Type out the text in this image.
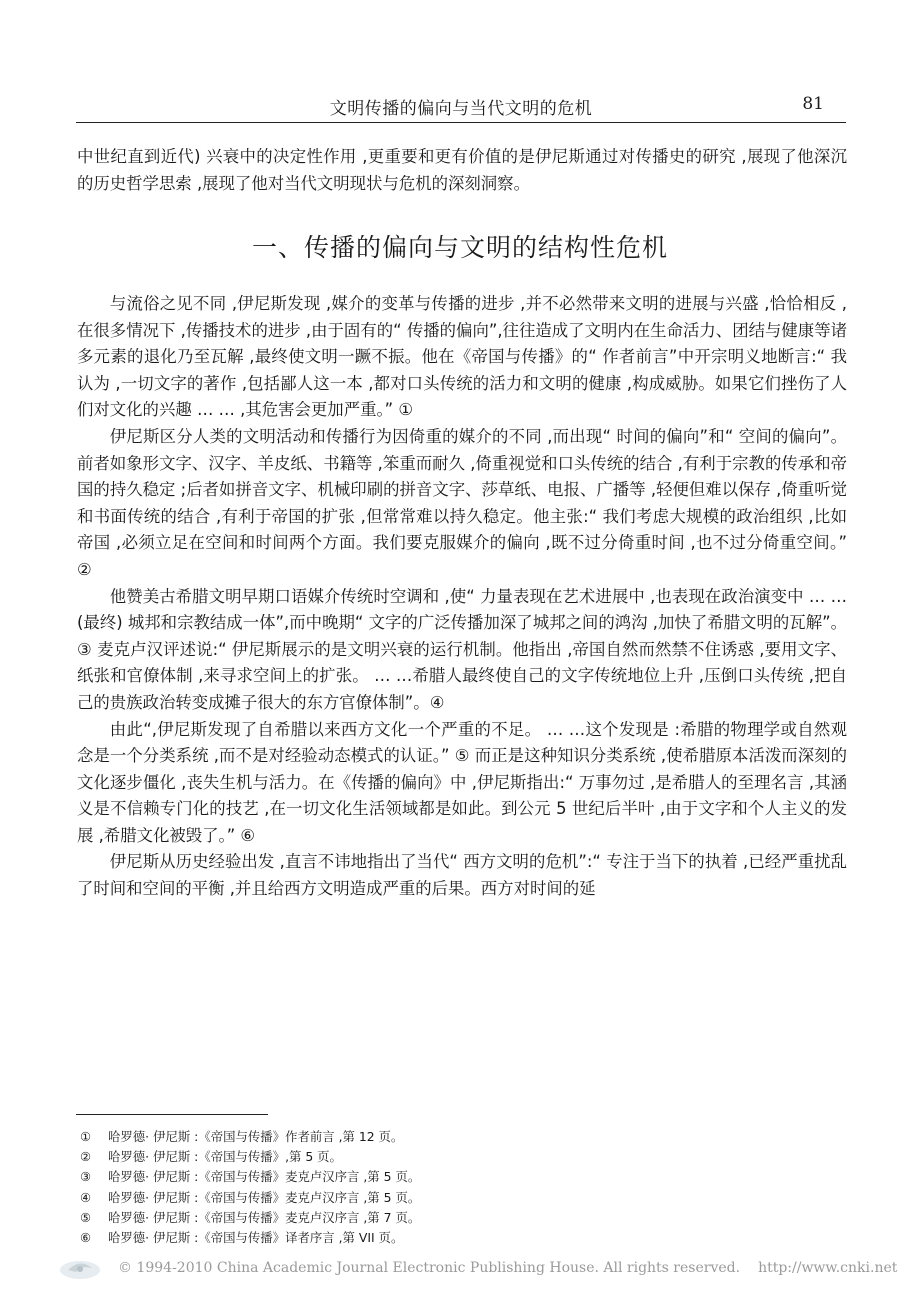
文明传播的偏向与当代文明的危机	81

中世纪直到近代) 兴衰中的决定性作用 ,更重要和更有价值的是伊尼斯通过对传播史的研究 ,展现了他深沉的历史哲学思索 ,展现了他对当代文明现状与危机的深刻洞察。

一、传播的偏向与文明的结构性危机

与流俗之见不同 ,伊尼斯发现 ,媒介的变革与传播的进步 ,并不必然带来文明的进展与兴盛 ,恰恰相反 ,在很多情况下 ,传播技术的进步 ,由于固有的“ 传播的偏向”,往往造成了文明内在生命活力、团结与健康等诸多元素的退化乃至瓦解 ,最终使文明一蹶不振。他在《帝国与传播》的“ 作者前言”中开宗明义地断言:“ 我认为 ,一切文字的著作 ,包括鄙人这一本 ,都对口头传统的活力和文明的健康 ,构成威胁。如果它们挫伤了人们对文化的兴趣 … … ,其危害会更加严重。” ①

伊尼斯区分人类的文明活动和传播行为因倚重的媒介的不同 ,而出现“ 时间的偏向”和“ 空间的偏向”。前者如象形文字、汉字、羊皮纸、书籍等 ,笨重而耐久 ,倚重视觉和口头传统的结合 ,有利于宗教的传承和帝国的持久稳定 ;后者如拼音文字、机械印刷的拼音文字、莎草纸、电报、广播等 ,轻便但难以保存 ,倚重听觉和书面传统的结合 ,有利于帝国的扩张 ,但常常难以持久稳定。他主张:“ 我们考虑大规模的政治组织 ,比如帝国 ,必须立足在空间和时间两个方面。我们要克服媒介的偏向 ,既不过分倚重时间 ,也不过分倚重空间。” ②

他赞美古希腊文明早期口语媒介传统时空调和 ,使“ 力量表现在艺术进展中 ,也表现在政治演变中 … …(最终) 城邦和宗教结成一体”,而中晚期“ 文字的广泛传播加深了城邦之间的鸿沟 ,加快了希腊文明的瓦解”。③ 麦克卢汉评述说:“ 伊尼斯展示的是文明兴衰的运行机制。他指出 ,帝国自然而然禁不住诱惑 ,要用文字、纸张和官僚体制 ,来寻求空间上的扩张。 … …希腊人最终使自己的文字传统地位上升 ,压倒口头传统 ,把自己的贵族政治转变成摊子很大的东方官僚体制”。④

由此“,伊尼斯发现了自希腊以来西方文化一个严重的不足。 … …这个发现是 :希腊的物理学或自然观念是一个分类系统 ,而不是对经验动态模式的认证。” ⑤ 而正是这种知识分类系统 ,使希腊原本活泼而深刻的文化逐步僵化 ,丧失生机与活力。在《传播的偏向》中 ,伊尼斯指出:“ 万事勿过 ,是希腊人的至理名言 ,其涵义是不信赖专门化的技艺 ,在一切文化生活领域都是如此。到公元 5 世纪后半叶 ,由于文字和个人主义的发展 ,希腊文化被毁了。” ⑥

伊尼斯从历史经验出发 ,直言不讳地指出了当代“ 西方文明的危机”:“ 专注于当下的执着 ,已经严重扰乱了时间和空间的平衡 ,并且给西方文明造成严重的后果。西方对时间的延

①	哈罗德· 伊尼斯 :《帝国与传播》作者前言 ,第 12 页。
②	哈罗德· 伊尼斯 :《帝国与传播》,第 5 页。
③	哈罗德· 伊尼斯 :《帝国与传播》麦克卢汉序言 ,第 5 页。
④	哈罗德· 伊尼斯 :《帝国与传播》麦克卢汉序言 ,第 5 页。
⑤	哈罗德· 伊尼斯 :《帝国与传播》麦克卢汉序言 ,第 7 页。
⑥	哈罗德· 伊尼斯 :《帝国与传播》译者序言 ,第 VII 页。
© 1994-2010 China Academic Journal Electronic Publishing House. All rights reserved. http://www.cnki.net
